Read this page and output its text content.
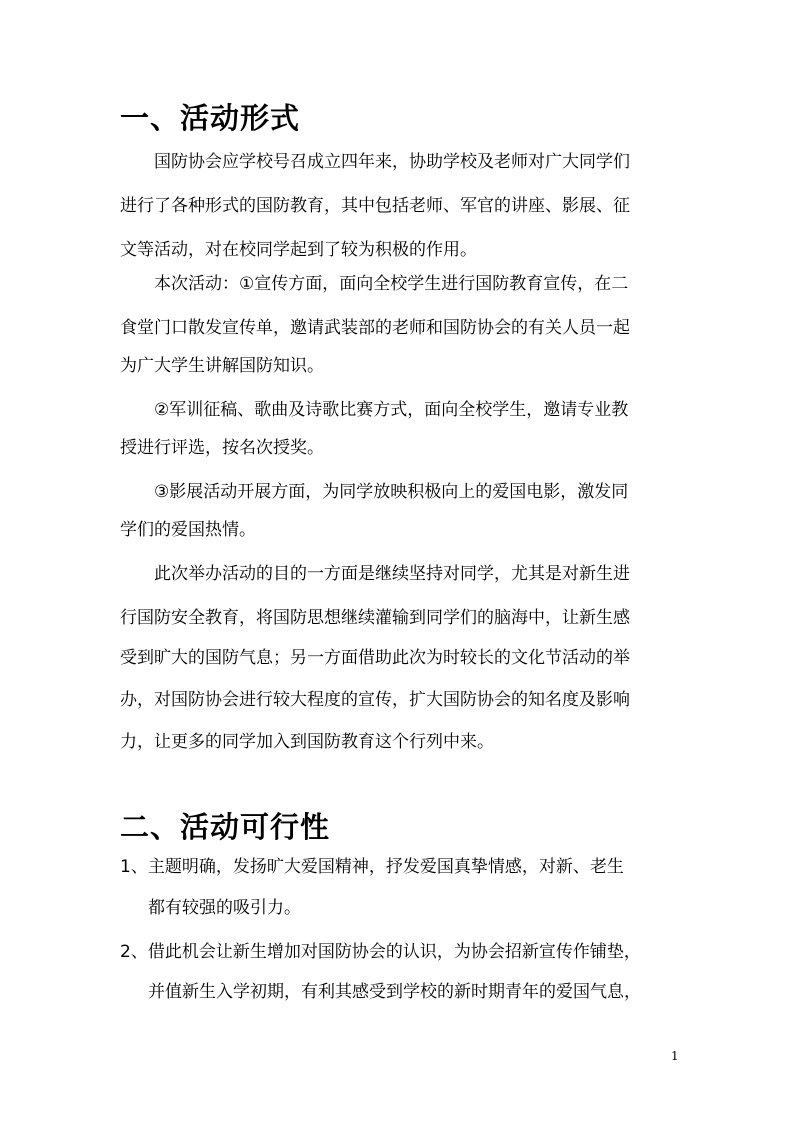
一、活动形式

国防协会应学校号召成立四年来，协助学校及老师对广大同学们

进行了各种形式的国防教育，其中包括老师、军官的讲座、影展、征

文等活动，对在校同学起到了较为积极的作用。

本次活动：①宣传方面，面向全校学生进行国防教育宣传，在二

食堂门口散发宣传单，邀请武装部的老师和国防协会的有关人员一起

为广大学生讲解国防知识。

②军训征稿、歌曲及诗歌比赛方式，面向全校学生，邀请专业教

授进行评选，按名次授奖。

③影展活动开展方面，为同学放映积极向上的爱国电影，激发同

学们的爱国热情。

此次举办活动的目的一方面是继续坚持对同学，尤其是对新生进

行国防安全教育，将国防思想继续灌输到同学们的脑海中，让新生感

受到旷大的国防气息；另一方面借助此次为时较长的文化节活动的举

办，对国防协会进行较大程度的宣传，扩大国防协会的知名度及影响

力，让更多的同学加入到国防教育这个行列中来。

二、活动可行性

1、主题明确，发扬旷大爱国精神，抒发爱国真挚情感，对新、老生

都有较强的吸引力。

2、借此机会让新生增加对国防协会的认识，为协会招新宣传作铺垫，

并值新生入学初期，有利其感受到学校的新时期青年的爱国气息，

1
